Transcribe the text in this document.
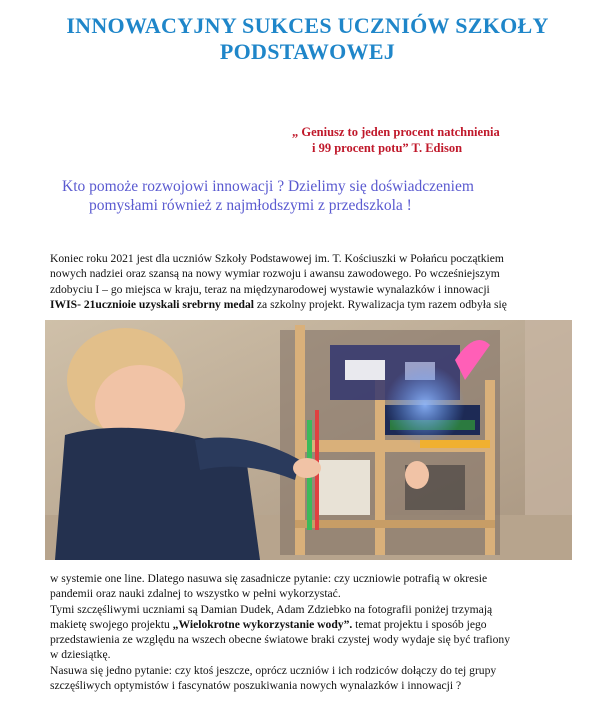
INNOWACYJNY SUKCES UCZNIÓW SZKOŁY
PODSTAWOWEJ
„ Geniusz to jeden procent natchnienia
i 99 procent potu” T. Edison
Kto pomoże rozwojowi innowacji ? Dzielimy się doświadczeniem
pomysłami również z najmłodszymi z przedszkola !
Koniec roku 2021 jest dla uczniów Szkoły Podstawowej im. T. Kościuszki w Połańcu początkiem
nowych nadziei oraz szansą na nowy wymiar rozwoju i awansu zawodowego. Po wcześniejszym
zdobyciu I – go miejsca w kraju, teraz na międzynarodowej wystawie wynalazków i innowacji
IWIS- 21ucznioie uzyskali srebrny medal za szkolny projekt. Rywalizacja tym razem odbyła się
w systemie one line. Dlatego nasuwa się zasadnicze pytanie: czy uczniowie potrafią w okresie
pandemii oraz nauki zdalnej to wszystko w pełni wykorzystać.
Tymi szczęśliwymi uczniami są Damian Dudek, Adam Zdziebko na fotografii poniżej trzymają
makietę swojego projektu „Wielokrotne wykorzystanie wody”. temat projektu i sposób jego
przedstawienia ze względu na wszech obecne światowe braki czystej wody wydaje się być trafiony
w dziesiątkę.
Nasuwa się jedno pytanie: czy ktoś jeszcze, oprócz uczniów i ich rodziców dołączy do tej grupy
szczęśliwych optymistów i fascynatów poszukiwania nowych wynalazków i innowacji ?
